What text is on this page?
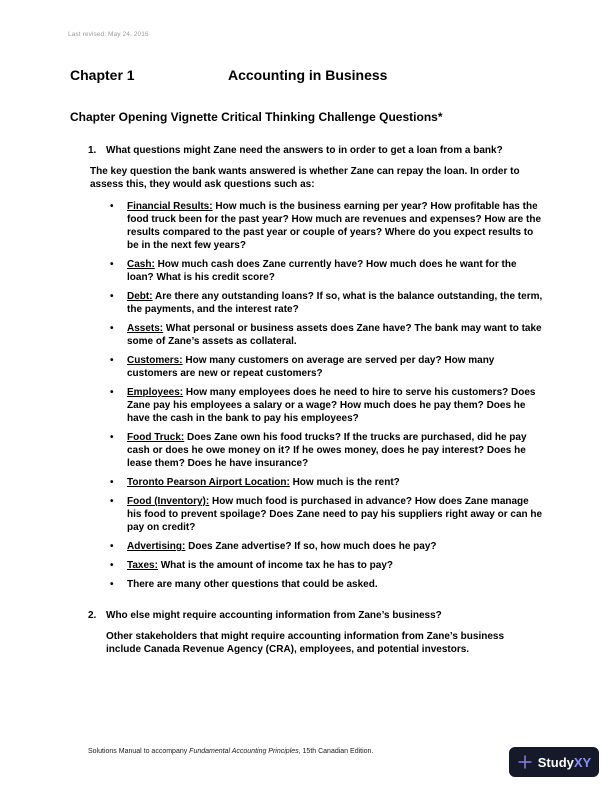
Last revised: May 24, 2016
Chapter 1	Accounting in Business
Chapter Opening Vignette Critical Thinking Challenge Questions*
1. What questions might Zane need the answers to in order to get a loan from a bank?
The key question the bank wants answered is whether Zane can repay the loan. In order to assess this, they would ask questions such as:
•	Financial Results: How much is the business earning per year? How profitable has the food truck been for the past year? How much are revenues and expenses? How are the results compared to the past year or couple of years? Where do you expect results to be in the next few years?
•	Cash: How much cash does Zane currently have? How much does he want for the loan? What is his credit score?
•	Debt: Are there any outstanding loans? If so, what is the balance outstanding, the term, the payments, and the interest rate?
•	Assets: What personal or business assets does Zane have? The bank may want to take some of Zane’s assets as collateral.
•	Customers: How many customers on average are served per day? How many customers are new or repeat customers?
•	Employees: How many employees does he need to hire to serve his customers? Does Zane pay his employees a salary or a wage? How much does he pay them? Does he have the cash in the bank to pay his employees?
•	Food Truck: Does Zane own his food trucks? If the trucks are purchased, did he pay cash or does he owe money on it? If he owes money, does he pay interest? Does he lease them? Does he have insurance?
•	Toronto Pearson Airport Location: How much is the rent?
•	Food (Inventory): How much food is purchased in advance? How does Zane manage his food to prevent spoilage? Does Zane need to pay his suppliers right away or can he pay on credit?
•	Advertising: Does Zane advertise? If so, how much does he pay?
•	Taxes: What is the amount of income tax he has to pay?
•	There are many other questions that could be asked.
2. Who else might require accounting information from Zane’s business?
Other stakeholders that might require accounting information from Zane’s business include Canada Revenue Agency (CRA), employees, and potential investors.
Solutions Manual to accompany Fundamental Accounting Principles, 15th Canadian Edition.
StudyXY
